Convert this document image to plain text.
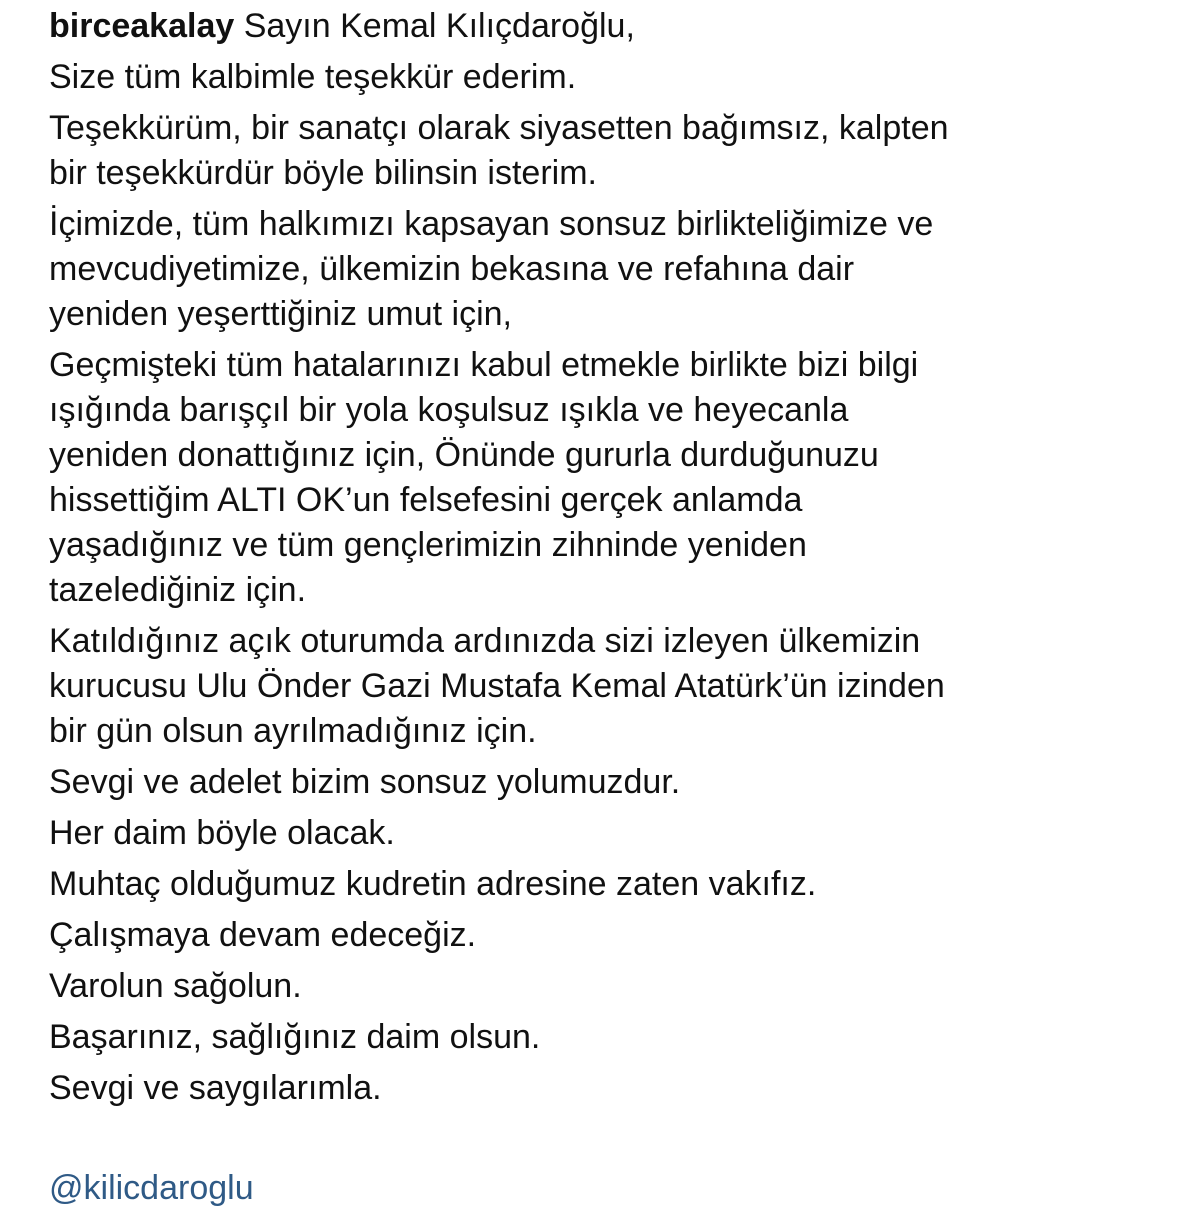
birceakalay Sayın Kemal Kılıçdaroğlu,
Size tüm kalbimle teşekkür ederim.
Teşekkürüm, bir sanatçı olarak siyasetten bağımsız, kalpten
bir teşekkürdür böyle bilinsin isterim.
İçimizde, tüm halkımızı kapsayan sonsuz birlikteliğimize ve
mevcudiyetimize, ülkemizin bekasına ve refahına dair
yeniden yeşerttiğiniz umut için,
Geçmişteki tüm hatalarınızı kabul etmekle birlikte bizi bilgi
ışığında barışçıl bir yola koşulsuz ışıkla ve heyecanla
yeniden donattığınız için, Önünde gururla durduğunuzu
hissettiğim ALTI OK’un felsefesini gerçek anlamda
yaşadığınız ve tüm gençlerimizin zihninde yeniden
tazelediğiniz için.
Katıldığınız açık oturumda ardınızda sizi izleyen ülkemizin
kurucusu Ulu Önder Gazi Mustafa Kemal Atatürk’ün izinden
bir gün olsun ayrılmadığınız için.
Sevgi ve adelet bizim sonsuz yolumuzdur.
Her daim böyle olacak.
Muhtaç olduğumuz kudretin adresine zaten vakıfız.
Çalışmaya devam edeceğiz.
Varolun sağolun.
Başarınız, sağlığınız daim olsun.
Sevgi ve saygılarımla.
@kilicdaroglu
